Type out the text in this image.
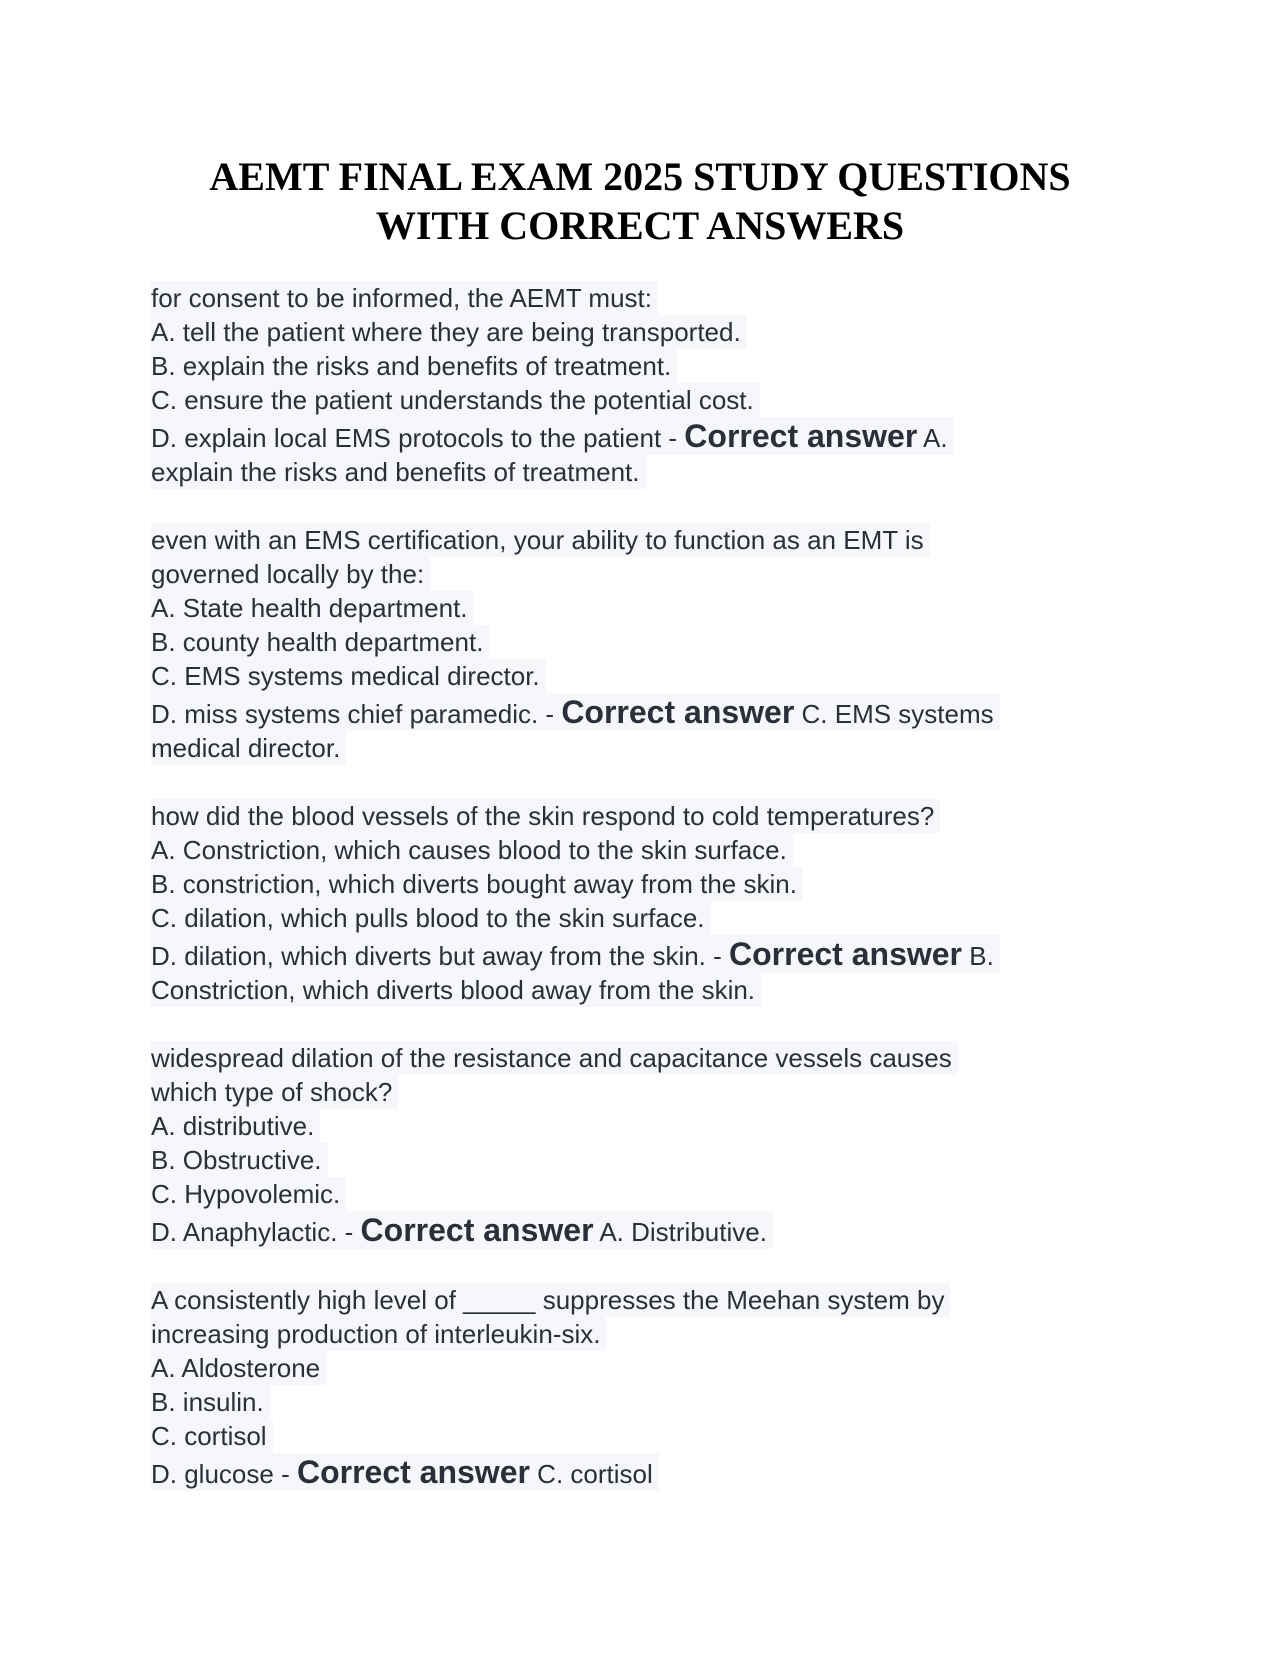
AEMT FINAL EXAM 2025 STUDY QUESTIONS
WITH CORRECT ANSWERS
for consent to be informed, the AEMT must:
A. tell the patient where they are being transported.
B. explain the risks and benefits of treatment.
C. ensure the patient understands the potential cost.
D. explain local EMS protocols to the patient - Correct answer A.
explain the risks and benefits of treatment.
even with an EMS certification, your ability to function as an EMT is
governed locally by the:
A. State health department.
B. county health department.
C. EMS systems medical director.
D. miss systems chief paramedic. - Correct answer C. EMS systems
medical director.
how did the blood vessels of the skin respond to cold temperatures?
A. Constriction, which causes blood to the skin surface.
B. constriction, which diverts bought away from the skin.
C. dilation, which pulls blood to the skin surface.
D. dilation, which diverts but away from the skin. - Correct answer B.
Constriction, which diverts blood away from the skin.
widespread dilation of the resistance and capacitance vessels causes
which type of shock?
A. distributive.
B. Obstructive.
C. Hypovolemic.
D. Anaphylactic. - Correct answer A. Distributive.
A consistently high level of _____ suppresses the Meehan system by
increasing production of interleukin-six.
A. Aldosterone
B. insulin.
C. cortisol
D. glucose - Correct answer C. cortisol
